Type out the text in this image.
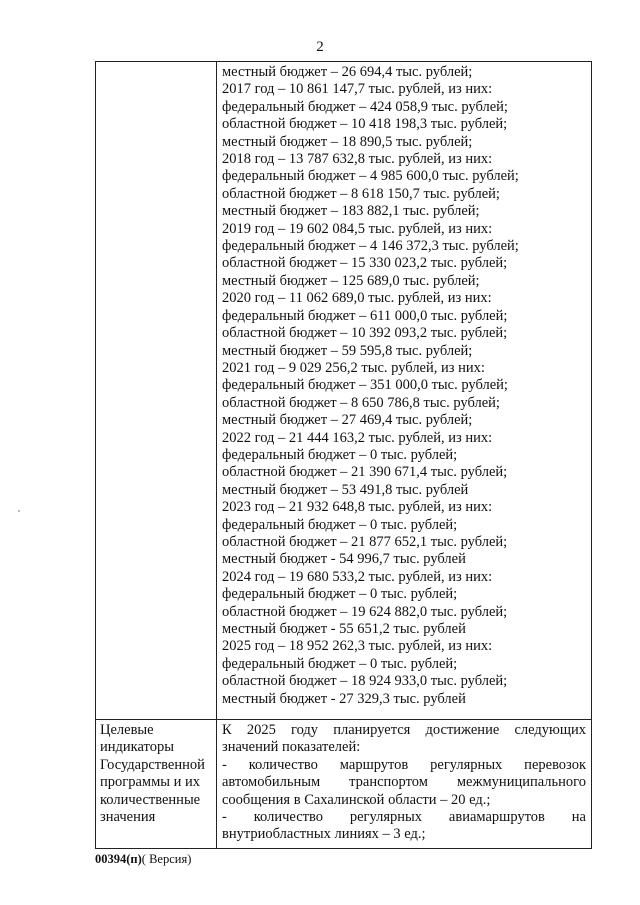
2
местный бюджет – 26 694,4 тыс. рублей;
2017 год – 10 861 147,7 тыс. рублей, из них:
федеральный бюджет – 424 058,9 тыс. рублей;
областной бюджет – 10 418 198,3 тыс. рублей;
местный бюджет – 18 890,5 тыс. рублей;
2018 год – 13 787 632,8 тыс. рублей, из них:
федеральный бюджет – 4 985 600,0 тыс. рублей;
областной бюджет – 8 618 150,7 тыс. рублей;
местный бюджет – 183 882,1 тыс. рублей;
2019 год – 19 602 084,5 тыс. рублей, из них:
федеральный бюджет – 4 146 372,3 тыс. рублей;
областной бюджет – 15 330 023,2 тыс. рублей;
местный бюджет – 125 689,0 тыс. рублей;
2020 год – 11 062 689,0 тыс. рублей, из них:
федеральный бюджет – 611 000,0 тыс. рублей;
областной бюджет – 10 392 093,2 тыс. рублей;
местный бюджет – 59 595,8 тыс. рублей;
2021 год – 9 029 256,2 тыс. рублей, из них:
федеральный бюджет – 351 000,0 тыс. рублей;
областной бюджет – 8 650 786,8 тыс. рублей;
местный бюджет – 27 469,4 тыс. рублей;
2022 год – 21 444 163,2 тыс. рублей, из них:
федеральный бюджет – 0 тыс. рублей;
областной бюджет – 21 390 671,4 тыс. рублей;
местный бюджет – 53 491,8 тыс. рублей
2023 год – 21 932 648,8 тыс. рублей, из них:
федеральный бюджет – 0 тыс. рублей;
областной бюджет – 21 877 652,1 тыс. рублей;
местный бюджет - 54 996,7 тыс. рублей
2024 год – 19 680 533,2 тыс. рублей, из них:
федеральный бюджет – 0 тыс. рублей;
областной бюджет – 19 624 882,0 тыс. рублей;
местный бюджет - 55 651,2 тыс. рублей
2025 год – 18 952 262,3 тыс. рублей, из них:
федеральный бюджет – 0 тыс. рублей;
областной бюджет – 18 924 933,0 тыс. рублей;
местный бюджет - 27 329,3 тыс. рублей
Целевые
индикаторы
Государственной
программы и их
количественные
значения
К 2025 году планируется достижение следующих
значений показателей:
- количество маршрутов регулярных перевозок
автомобильным транспортом межмуниципального
сообщения в Сахалинской области – 20 ед.;
- количество регулярных авиамаршрутов на
внутриобластных линиях – 3 ед.;
00394(п)( Версия)
